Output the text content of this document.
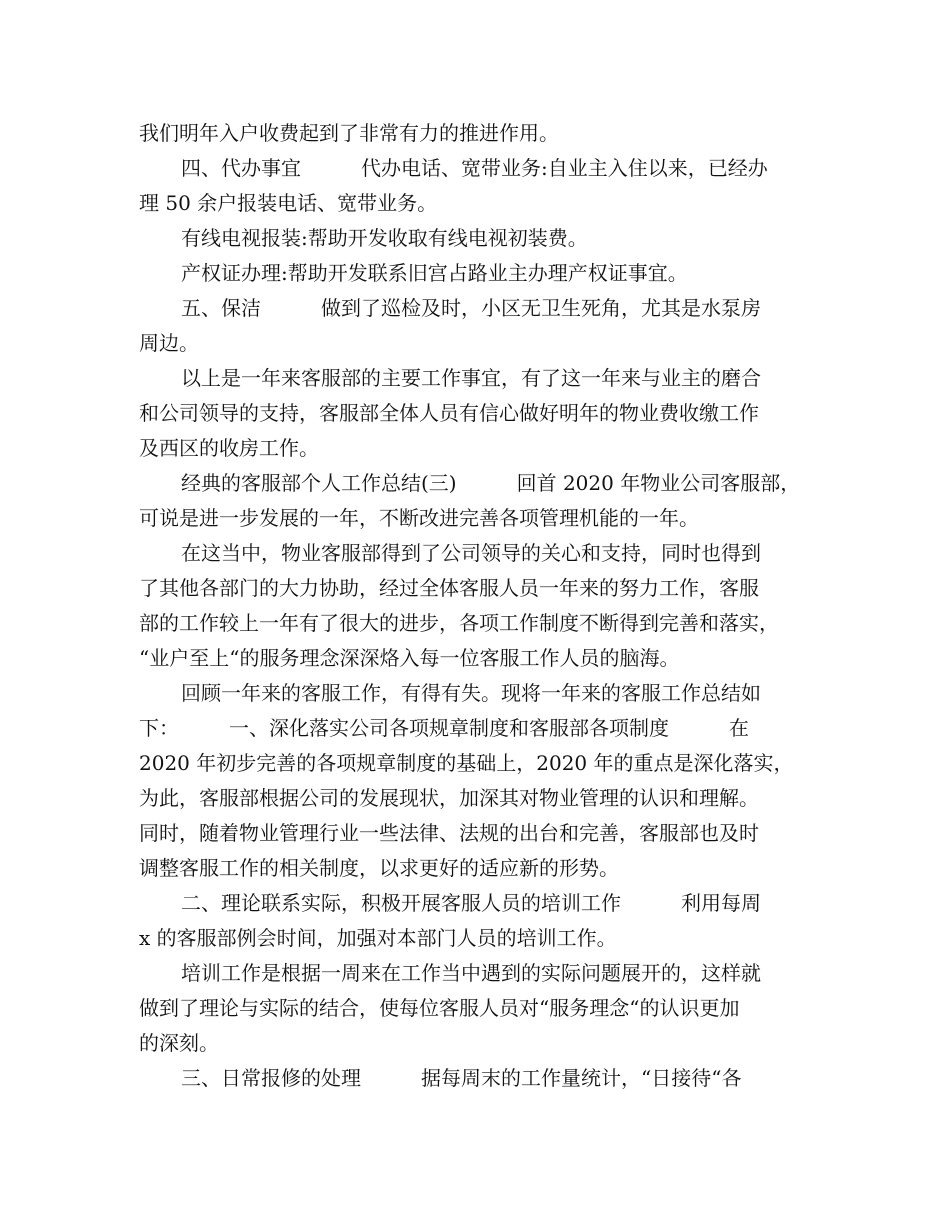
我们明年入户收费起到了非常有力的推进作用。
四、代办事宜　　　代办电话、宽带业务:自业主入住以来，已经办
理 50 余户报装电话、宽带业务。
有线电视报装:帮助开发收取有线电视初装费。
产权证办理:帮助开发联系旧宫占路业主办理产权证事宜。
五、保洁　　　做到了巡检及时，小区无卫生死角，尤其是水泵房
周边。
以上是一年来客服部的主要工作事宜，有了这一年来与业主的磨合
和公司领导的支持，客服部全体人员有信心做好明年的物业费收缴工作
及西区的收房工作。
经典的客服部个人工作总结(三)　　　回首 2020 年物业公司客服部，
可说是进一步发展的一年，不断改进完善各项管理机能的一年。
在这当中，物业客服部得到了公司领导的关心和支持，同时也得到
了其他各部门的大力协助，经过全体客服人员一年来的努力工作，客服
部的工作较上一年有了很大的进步，各项工作制度不断得到完善和落实，
“业户至上“的服务理念深深烙入每一位客服工作人员的脑海。
回顾一年来的客服工作，有得有失。现将一年来的客服工作总结如
下：　　　一、深化落实公司各项规章制度和客服部各项制度　　　在
2020 年初步完善的各项规章制度的基础上，2020 年的重点是深化落实，
为此，客服部根据公司的发展现状，加深其对物业管理的认识和理解。
同时，随着物业管理行业一些法律、法规的出台和完善，客服部也及时
调整客服工作的相关制度，以求更好的适应新的形势。
二、理论联系实际，积极开展客服人员的培训工作　　　利用每周
x 的客服部例会时间，加强对本部门人员的培训工作。
培训工作是根据一周来在工作当中遇到的实际问题展开的，这样就
做到了理论与实际的结合，使每位客服人员对“服务理念“的认识更加
的深刻。
三、日常报修的处理　　　据每周末的工作量统计，“日接待“各
